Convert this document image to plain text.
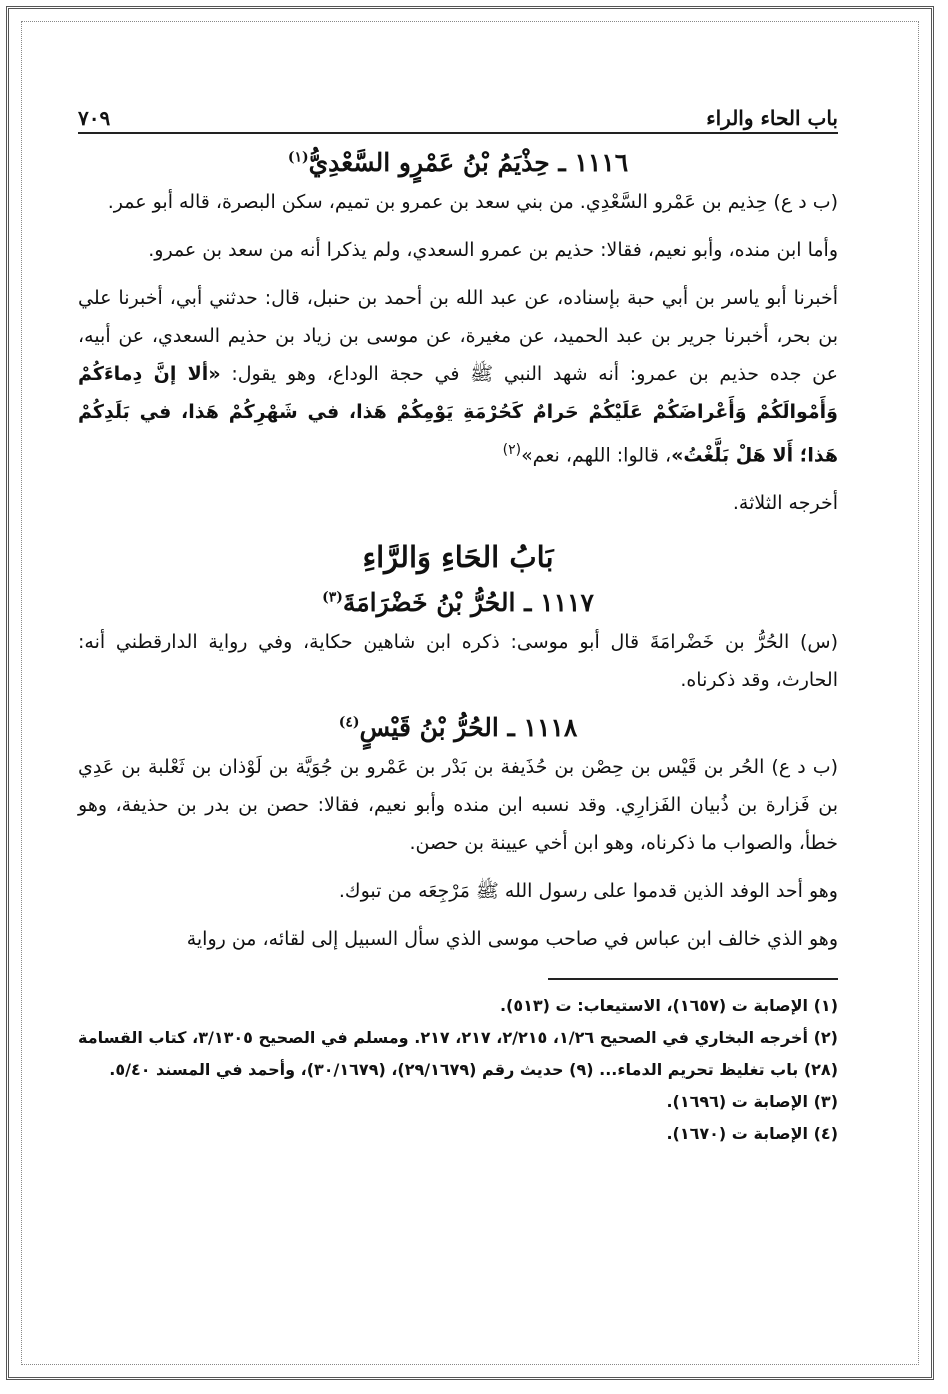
باب الحاء والراء
٧٠٩
١١١٦ ـ حِذْيَمُ بْنُ عَمْرٍو السَّعْدِيُّ$^{(١)}$

(ب د ع) حِذيم بن عَمْرو السَّعْدِي. من بني سعد بن عمرو بن تميم، سكن البصرة، قاله أبو عمر.

وأما ابن منده، وأبو نعيم، فقالا: حذيم بن عمرو السعدي، ولم يذكرا أنه من سعد بن عمرو.

أخبرنا أبو ياسر بن أبي حبة بإسناده، عن عبد الله بن أحمد بن حنبل، قال: حدثني أبي، أخبرنا علي بن بحر، أخبرنا جرير بن عبد الحميد، عن مغيرة، عن موسى بن زياد بن حذيم السعدي، عن أبيه، عن جده حذيم بن عمرو: أنه شهد النبي ﷺ في حجة الوداع، وهو يقول: «ألا إنَّ دِماءَكُمْ وَأَمْوالَكُمْ وَأَعْراضَكُمْ عَلَيْكُمْ حَرامٌ كَحُرْمَةِ يَوْمِكُمْ هَذا، في شَهْرِكُمْ هَذا، في بَلَدِكُمْ هَذا؛ أَلا هَلْ بَلَّغْتُ»، قالوا: اللهم، نعم»$^{(٢)}$

أخرجه الثلاثة.

بَابُ الحَاءِ وَالرَّاءِ
١١١٧ ـ الحُرُّ بْنُ خَضْرَامَةَ$^{(٣)}$

(س) الحُرُّ بن خَضْرامَةَ قال أبو موسى: ذكره ابن شاهين حكاية، وفي رواية الدارقطني أنه: الحارث، وقد ذكرناه.

١١١٨ ـ الحُرُّ بْنُ قَيْسٍ$^{(٤)}$

(ب د ع) الحُر بن قَيْس بن حِصْن بن حُذَيفة بن بَدْر بن عَمْرو بن جُوَيَّة بن لَوْذان بن ثَعْلبة بن عَدِي بن فَزارة بن ذُبيان الفَزارِي. وقد نسبه ابن منده وأبو نعيم، فقالا: حصن بن بدر بن حذيفة، وهو خطأ، والصواب ما ذكرناه، وهو ابن أخي عيينة بن حصن.

وهو أحد الوفد الذين قدموا على رسول الله ﷺ مَرْجِعَه من تبوك.

وهو الذي خالف ابن عباس في صاحب موسى الذي سأل السبيل إلى لقائه، من رواية

(١) الإصابة ت (١٦٥٧)، الاستيعاب: ت (٥١٣).

(٢) أخرجه البخاري في الصحيح ١/٢٦، ٢/٢١٥، ٢١٧، ٢١٧. ومسلم في الصحيح ٣/١٣٠٥، كتاب القسامة (٢٨) باب تغليظ تحريم الدماء... (٩) حديث رقم (٢٩/١٦٧٩)، (٣٠/١٦٧٩)، وأحمد في المسند ٥/٤٠.

(٣) الإصابة ت (١٦٩٦).

(٤) الإصابة ت (١٦٧٠).
